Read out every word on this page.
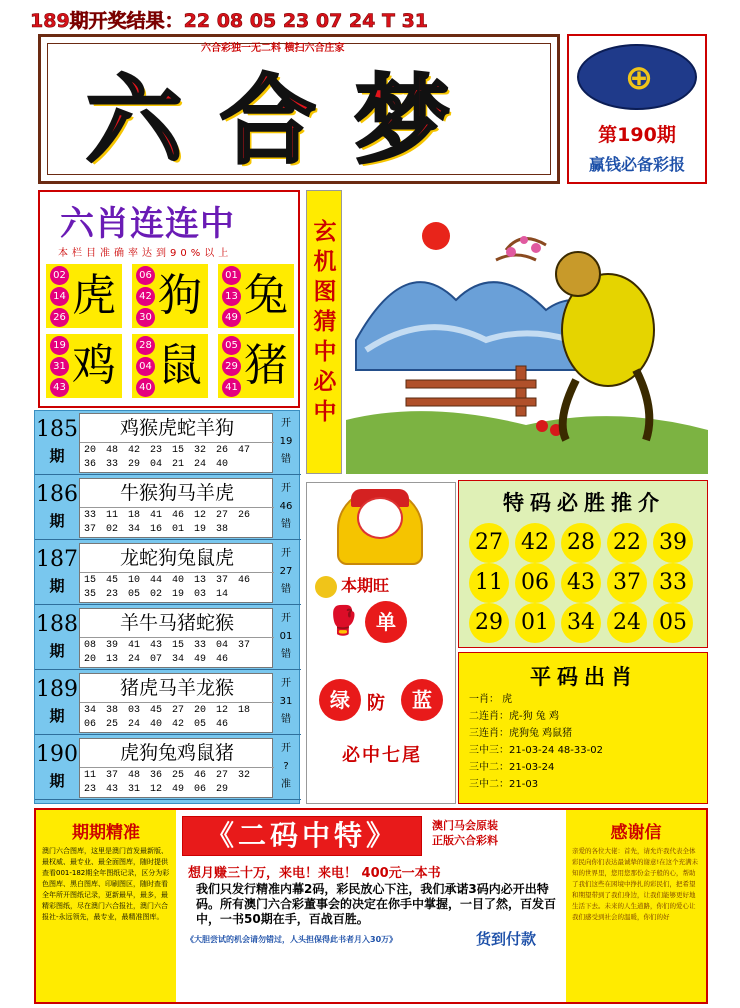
189期开奖结果：22 08 05 23 07 24 T 31
六合彩独一无二料 横扫六合庄家
六合梦	⊕
第190期
赢钱必备彩报
六肖连连中
本栏目准确率达到90%以上
02
14
26 虎	06
42
30 狗	01
13
49 兔
19
31
43 鸡	28
04
40 鼠	05
29
41 猪
玄机图猜中必中
185
期
鸡猴虎蛇羊狗
20 48 42 23 15 32 26 47 36 33 29 04 21 24 40
开
19
错
186
期
牛猴狗马羊虎
33 11 18 41 46 12 27 26 37 02 34 16 01 19 38
开
46
错
187
期
龙蛇狗兔鼠虎
15 45 10 44 40 13 37 46 35 23 05 02 19 03 14
开
27
错
188
期
羊牛马猪蛇猴
08 39 41 43 15 33 04 37 20 13 24 07 34 49 46
开
01
错
189
期
猪虎马羊龙猴
34 38 03 45 27 20 12 18 06 25 24 40 42 05 46
开
31
错
190
期
虎狗兔鸡鼠猪
11 37 48 36 25 46 27 32 23 43 31 12 49 06 29
开
?
准
本期旺
🥊 单
绿 防	蓝
必中七尾
特码必胜推介
27 42 28 22 39
11 06 43 37 33
29 01 34 24 05
平码出肖
一肖： 虎
二连肖：虎-狗 兔 鸡
三连肖：虎狗兔 鸡鼠猪
三中三：21-03-24 48-33-02
三中二：21-03-24
三中二：21-03
期期精准
澳门六合图库，这里是澳门首发最新版、最权威、最专业、最全面图库，随时提供查看001-182期全年图纸记录，区分为彩色图库、黑白图库、印刷图区，随时查看全年所开图纸记录，更新最早，最多，最精彩图纸，尽在澳门六合报社，澳门六合报社-永远领先，最专业，最精准图库。
《二码中特》	澳门马会原装
正版六合彩料
想月赚三十万，来电！来电！ 400元一本书
我们只发行精准内幕2码，彩民放心下注，我们承诺3码内必开出特码。所有澳门六合彩董事会的决定在你手中掌握，一目了然，百发百中，一书50期在手，百战百胜。
《大胆尝试的机会请勿错过，人头担保得此书者月入30万》	货到付款
感谢信
亲爱的各位大佬：首先，请允许我代表全体彩民向你们表达最诚挚的谢意!在这个充满未知的世界里，您用您那份金子般的心，帮助了我们这些在困境中挣扎的彩民们，把希望和期望带到了我们身边，让我们能够更好地生活下去。未来的人生道路，你们的爱心让我们感受到社会的温暖，你们的好
